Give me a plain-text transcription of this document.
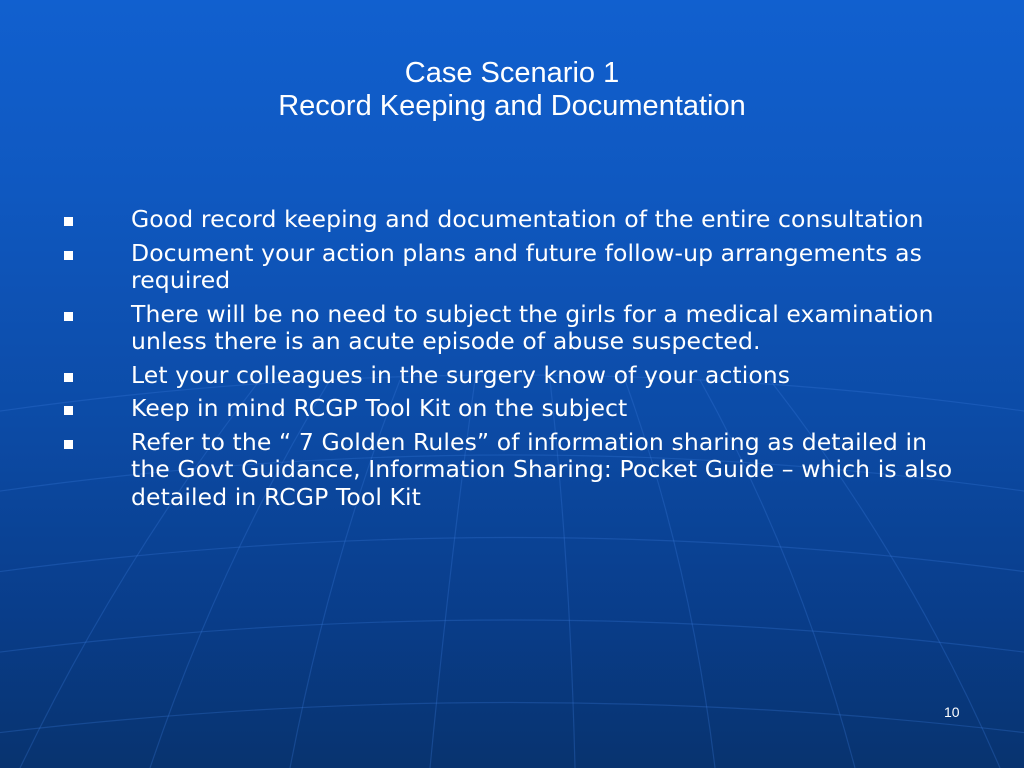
Case Scenario 1
Record Keeping and Documentation
Good record keeping and documentation of the entire consultation
Document your action plans and future follow-up arrangements as required
There will be no need to subject the girls for a medical examination unless there is an acute episode of abuse suspected.
Let your colleagues in the surgery know of your actions
Keep in mind RCGP Tool Kit on the subject
Refer to the “ 7 Golden Rules” of information sharing as detailed in the Govt Guidance, Information Sharing: Pocket Guide – which is also detailed in RCGP Tool Kit
10
